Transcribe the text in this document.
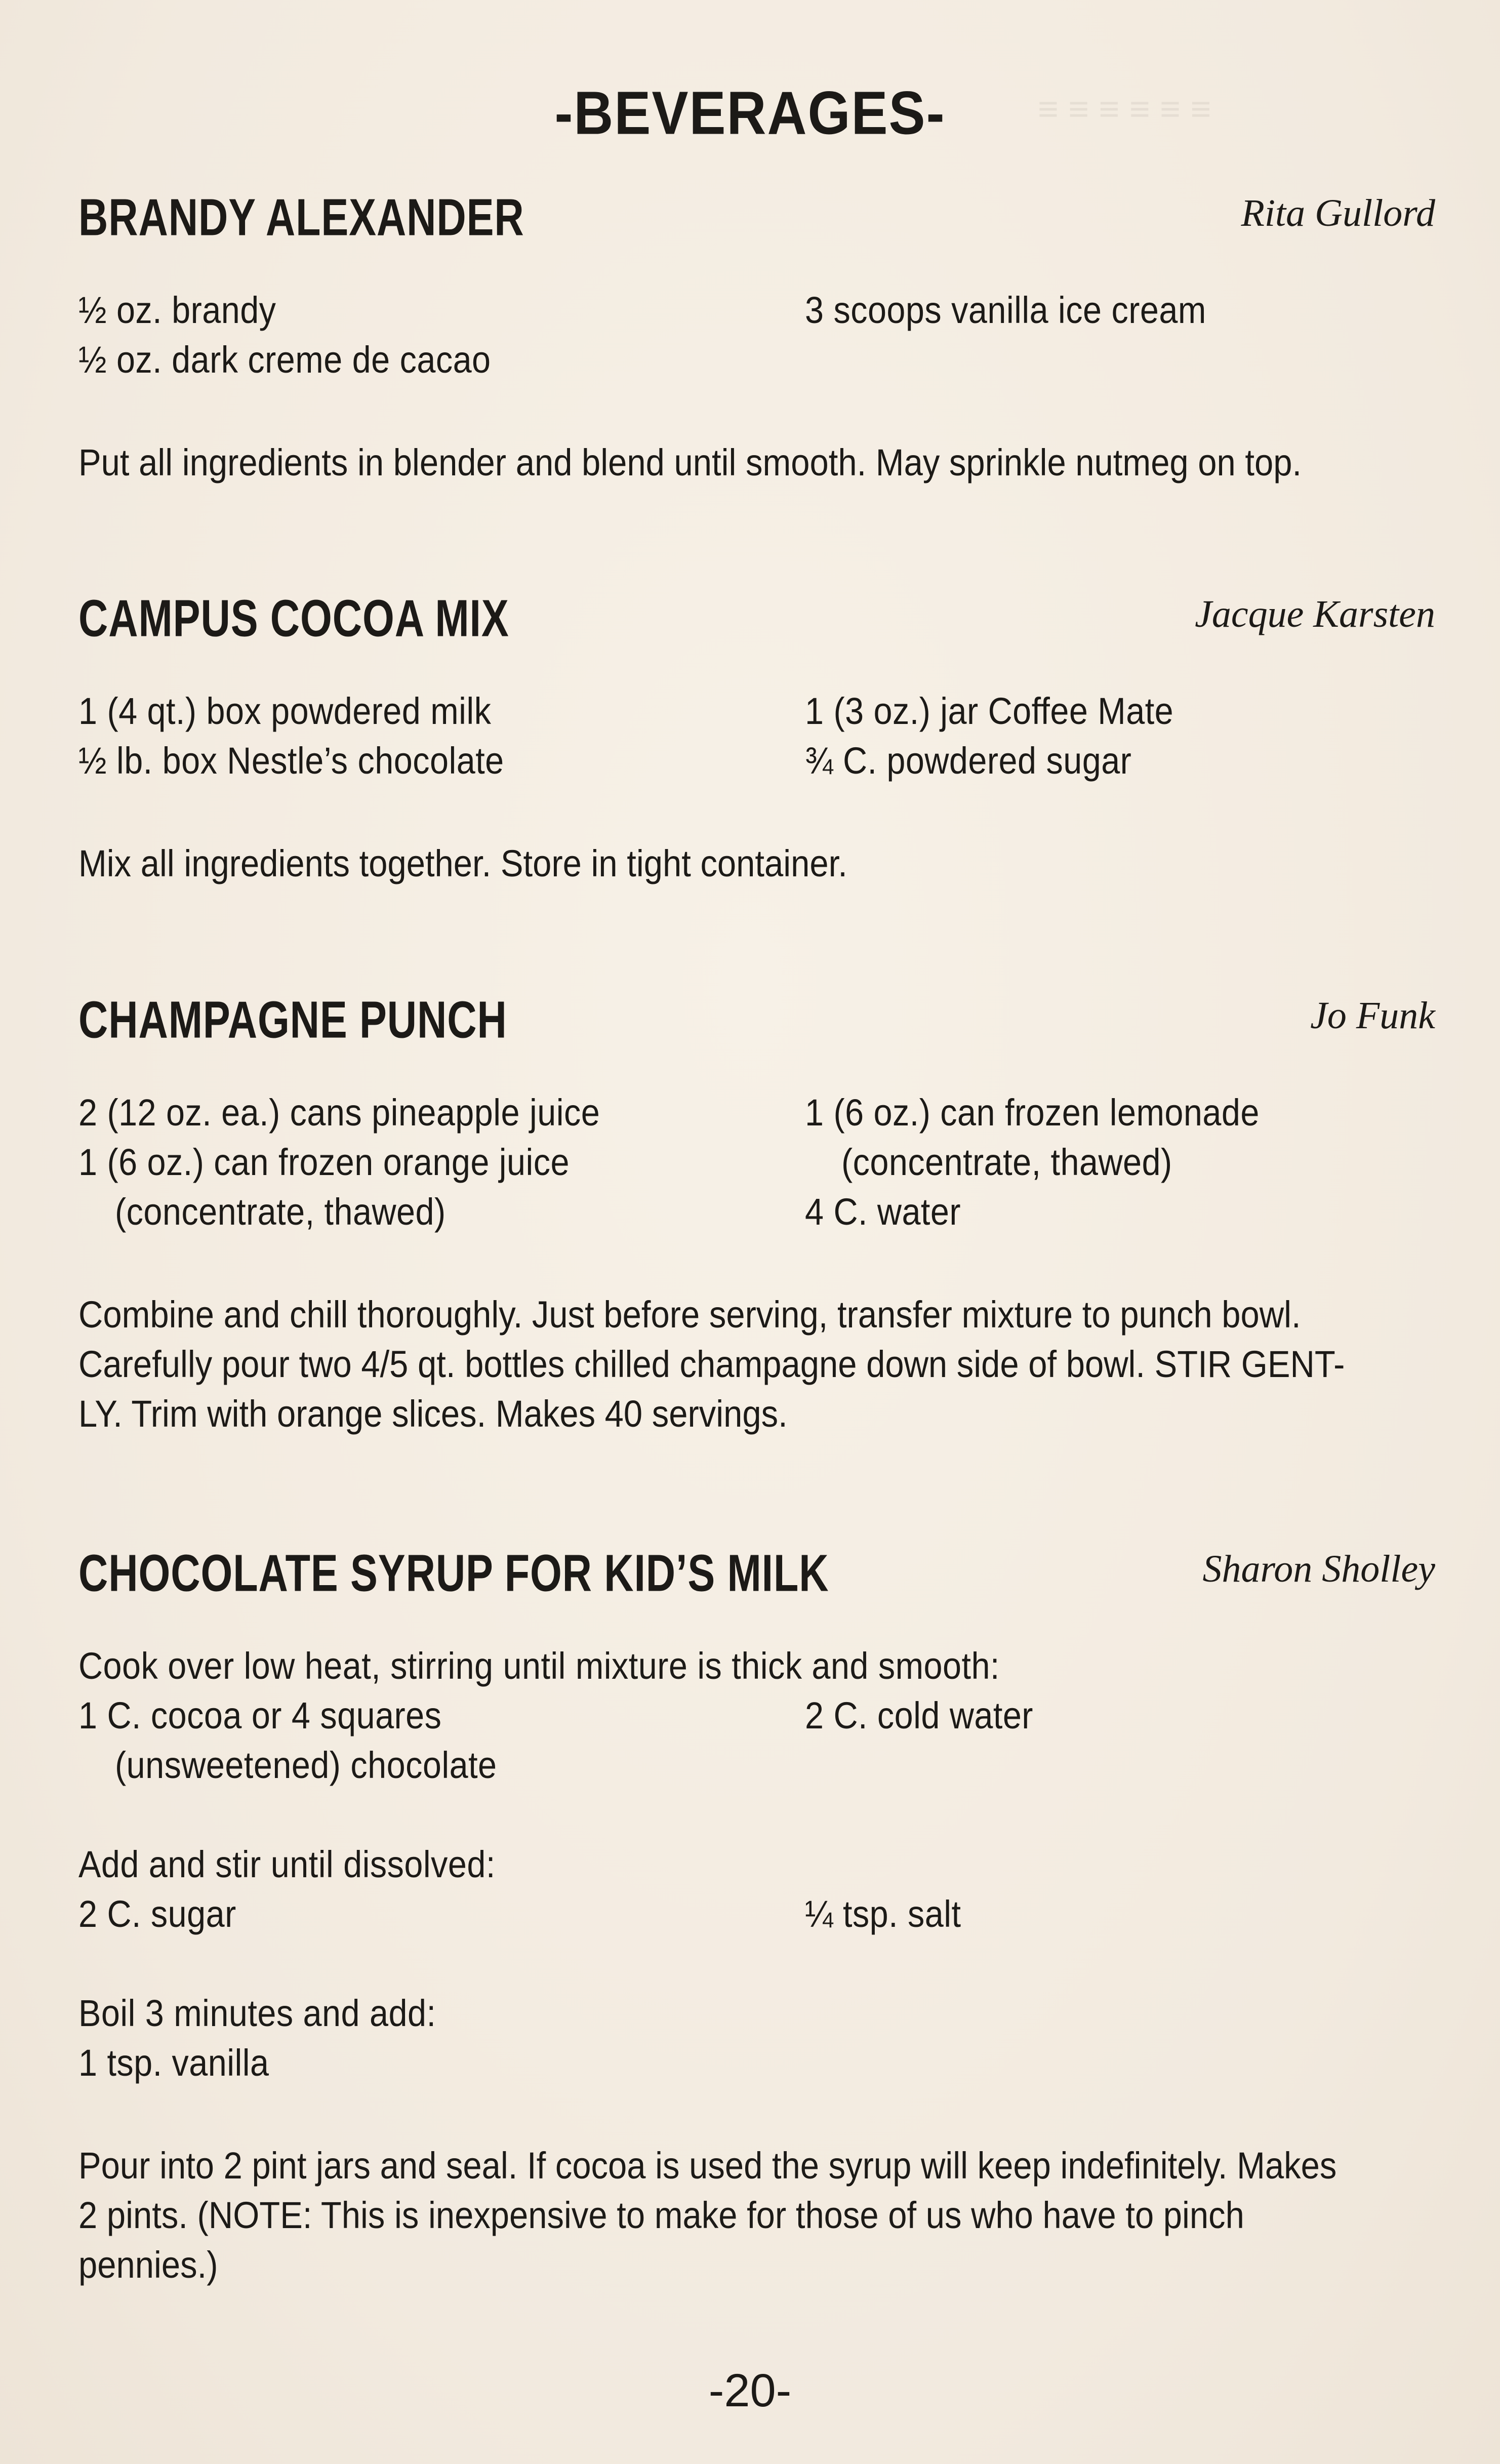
≡ ≡ ≡ ≡ ≡ ≡
-BEVERAGES-
BRANDY ALEXANDER	Rita Gullord
½ oz. brandy
½ oz. dark creme de cacao
3 scoops vanilla ice cream
Put all ingredients in blender and blend until smooth. May sprinkle nutmeg on top.
CAMPUS COCOA MIX	Jacque Karsten
1 (4 qt.) box powdered milk
½ lb. box Nestle’s chocolate
1 (3 oz.) jar Coffee Mate
¾ C. powdered sugar
Mix all ingredients together. Store in tight container.
CHAMPAGNE PUNCH	Jo Funk
2 (12 oz. ea.) cans pineapple juice
1 (6 oz.) can frozen orange juice
(concentrate, thawed)
1 (6 oz.) can frozen lemonade
(concentrate, thawed)
4 C. water
Combine and chill thoroughly. Just before serving, transfer mixture to punch bowl.
Carefully pour two 4/5 qt. bottles chilled champagne down side of bowl. STIR GENT-
LY. Trim with orange slices. Makes 40 servings.
CHOCOLATE SYRUP FOR KID’S MILK	Sharon Sholley
Cook over low heat, stirring until mixture is thick and smooth:
1 C. cocoa or 4 squares
(unsweetened) chocolate
2 C. cold water
Add and stir until dissolved:
2 C. sugar	¼ tsp. salt
Boil 3 minutes and add:
1 tsp. vanilla
Pour into 2 pint jars and seal. If cocoa is used the syrup will keep indefinitely. Makes
2 pints. (NOTE: This is inexpensive to make for those of us who have to pinch
pennies.)
-20-
